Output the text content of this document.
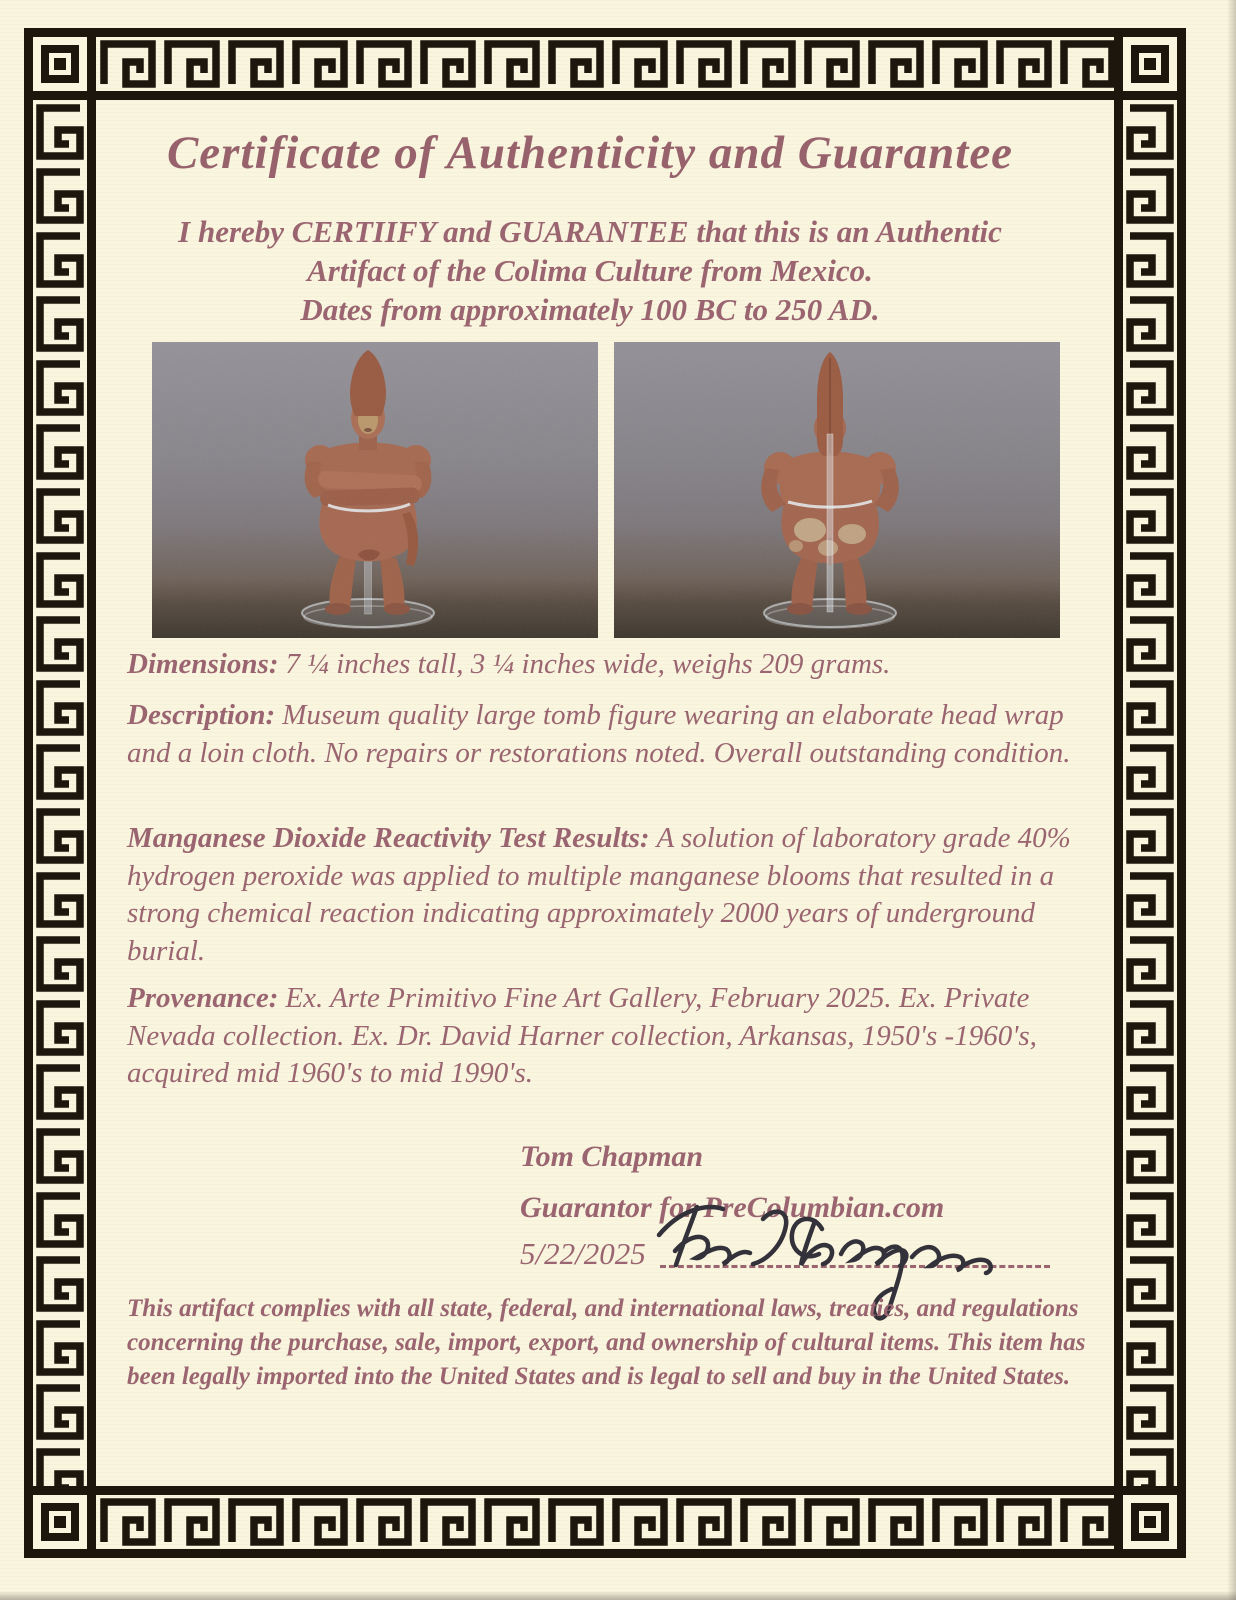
Certificate of Authenticity and Guarantee
I hereby CERTIIFY and GUARANTEE that this is an Authentic
Artifact of the Colima Culture from Mexico.
Dates from approximately 100 BC to 250 AD.

Dimensions: 7 ¼ inches tall, 3 ¼ inches wide, weighs 209 grams.

Description: Museum quality large tomb figure wearing an elaborate head wrap and a loin cloth. No repairs or restorations noted. Overall outstanding condition.

Manganese Dioxide Reactivity Test Results: A solution of laboratory grade 40% hydrogen peroxide was applied to multiple manganese blooms that resulted in a strong chemical reaction indicating approximately 2000 years of underground burial.

Provenance: Ex. Arte Primitivo Fine Art Gallery, February 2025. Ex. Private Nevada collection. Ex. Dr. David Harner collection, Arkansas, 1950's -1960's, acquired mid 1960's to mid 1990's.

Tom Chapman
Guarantor for PreColumbian.com
5/22/2025
This artifact complies with all state, federal, and international laws, treaties, and regulations
concerning the purchase, sale, import, export, and ownership of cultural items. This item has
been legally imported into the United States and is legal to sell and buy in the United States.
